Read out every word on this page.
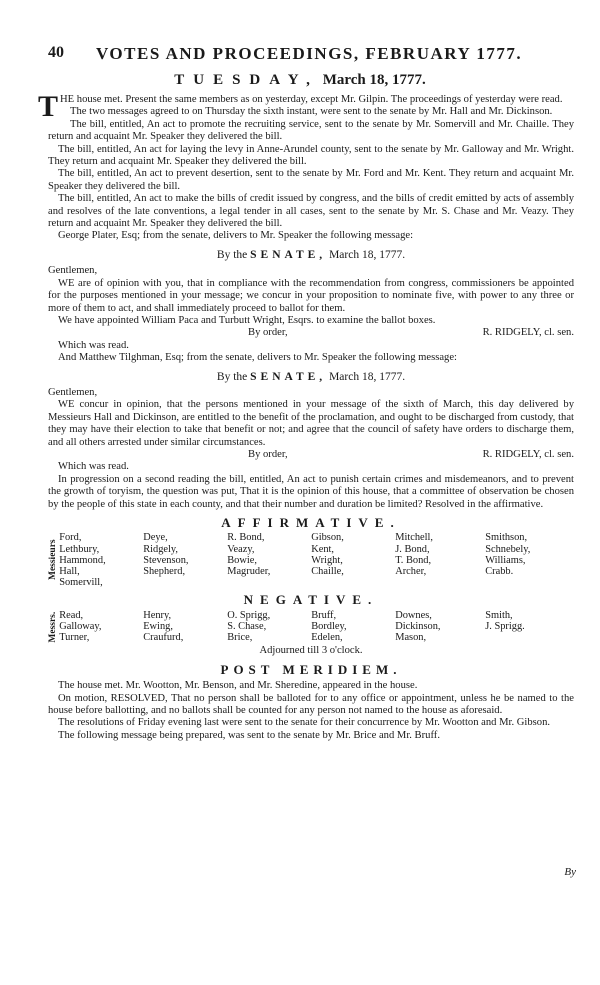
40 VOTES AND PROCEEDINGS, FEBRUARY 1777.
TUESDAY, March 18, 1777.

THE house met. Present the same members as on yesterday, except Mr. Gilpin. The proceedings of yesterday were read.

The two messages agreed to on Thursday the sixth instant, were sent to the senate by Mr. Hall and Mr. Dickinson.

The bill, entitled, An act to promote the recruiting service, sent to the senate by Mr. Somervill and Mr. Chaille. They return and acquaint Mr. Speaker they delivered the bill.

The bill, entitled, An act for laying the levy in Anne-Arundel county, sent to the senate by Mr. Galloway and Mr. Wright. They return and acquaint Mr. Speaker they delivered the bill.

The bill, entitled, An act to prevent desertion, sent to the senate by Mr. Ford and Mr. Kent. They return and acquaint Mr. Speaker they delivered the bill.

The bill, entitled, An act to make the bills of credit issued by congress, and the bills of credit emitted by acts of assembly and resolves of the late conventions, a legal tender in all cases, sent to the senate by Mr. S. Chase and Mr. Veazy. They return and acquaint Mr. Speaker they delivered the bill.

George Plater, Esq; from the senate, delivers to Mr. Speaker the following message:

By the SENATE, March 18, 1777.

Gentlemen,

WE are of opinion with you, that in compliance with the recommendation from congress, commissioners be appointed for the purposes mentioned in your message; we concur in your proposition to nominate five, with power to any three or more of them to act, and shall immediately proceed to ballot for them.

We have appointed William Paca and Turbutt Wright, Esqrs. to examine the ballot boxes.

By order,	R. RIDGELY, cl. sen.

Which was read.

And Matthew Tilghman, Esq; from the senate, delivers to Mr. Speaker the following message:

By the SENATE, March 18, 1777.

Gentlemen,

WE concur in opinion, that the persons mentioned in your message of the sixth of March, this day delivered by Messieurs Hall and Dickinson, are entitled to the benefit of the proclamation, and ought to be discharged from custody, that they may have their election to take that benefit or not; and agree that the council of safety have orders to discharge them, and all others arrested under similar circumstances.

By order,	R. RIDGELY, cl. sen.

Which was read.

In progression on a second reading the bill, entitled, An act to punish certain crimes and misdemeanors, and to prevent the growth of toryism, the question was put, That it is the opinion of this house, that a committee of observation be chosen by the people of this state in each county, and that their number and duration be limited? Resolved in the affirmative.

AFFIRMATIVE.
Messieurs
Ford,	Deye,	R. Bond,	Gibson,	Mitchell,	Smithson,
Lethbury,	Ridgely,	Veazy,	Kent,	J. Bond,	Schnebely,
Hammond,	Stevenson,	Bowie,	Wright,	T. Bond,	Williams,
Hall,	Shepherd,	Magruder,	Chaille,	Archer,	Crabb.
Somervill,
NEGATIVE.
Messrs. Read,	Henry,	O. Sprigg,	Bruff,	Downes,	Smith,
Galloway,	Ewing,	S. Chase,	Bordley,	Dickinson,	J. Sprigg.
Turner,	Craufurd,	Brice,	Edelen,	Mason,
Adjourned till 3 o'clock.
POST MERIDIEM.

The house met. Mr. Wootton, Mr. Benson, and Mr. Sheredine, appeared in the house.

On motion, RESOLVED, That no person shall be balloted for to any office or appointment, unless he be named to the house before ballotting, and no ballots shall be counted for any person not named to the house as aforesaid.

The resolutions of Friday evening last were sent to the senate for their concurrence by Mr. Wootton and Mr. Gibson.

The following message being prepared, was sent to the senate by Mr. Brice and Mr. Bruff.

By
